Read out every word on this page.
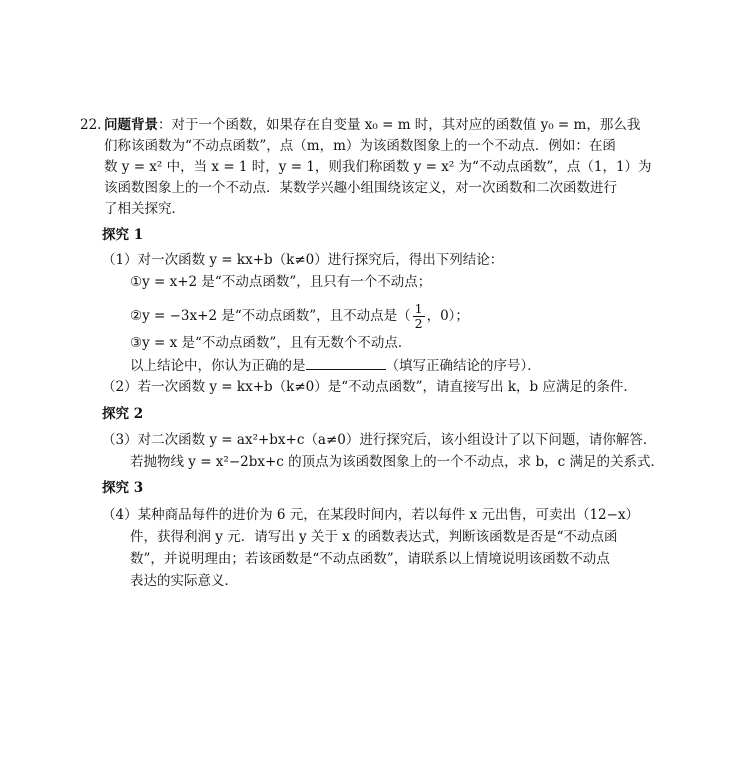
22. 问题背景：对于一个函数，如果存在自变量 x₀ = m 时，其对应的函数值 y₀ = m，那么我
们称该函数为“不动点函数”，点（m，m）为该函数图象上的一个不动点．例如：在函
数 y = x² 中，当 x = 1 时，y = 1，则我们称函数 y = x² 为“不动点函数”，点（1，1）为
该函数图象上的一个不动点．某数学兴趣小组围绕该定义，对一次函数和二次函数进行
了相关探究．
探究 1
（1）对一次函数 y = kx+b（k≠0）进行探究后，得出下列结论：
①y = x+2 是“不动点函数”，且只有一个不动点；
②y = −3x+2 是“不动点函数”，且不动点是（ $\frac{1}{2}$ ，0）；
③y = x 是“不动点函数”，且有无数个不动点．
以上结论中，你认为正确的是	（填写正确结论的序号）．
（2）若一次函数 y = kx+b（k≠0）是“不动点函数”，请直接写出 k，b 应满足的条件．
探究 2
（3）对二次函数 y = ax²+bx+c（a≠0）进行探究后，该小组设计了以下问题，请你解答．
若抛物线 y = x²−2bx+c 的顶点为该函数图象上的一个不动点，求 b，c 满足的关系式．
探究 3
（4）某种商品每件的进价为 6 元，在某段时间内，若以每件 x 元出售，可卖出（12−x）
件，获得利润 y 元．请写出 y 关于 x 的函数表达式，判断该函数是否是“不动点函
数”，并说明理由；若该函数是“不动点函数”，请联系以上情境说明该函数不动点
表达的实际意义．
